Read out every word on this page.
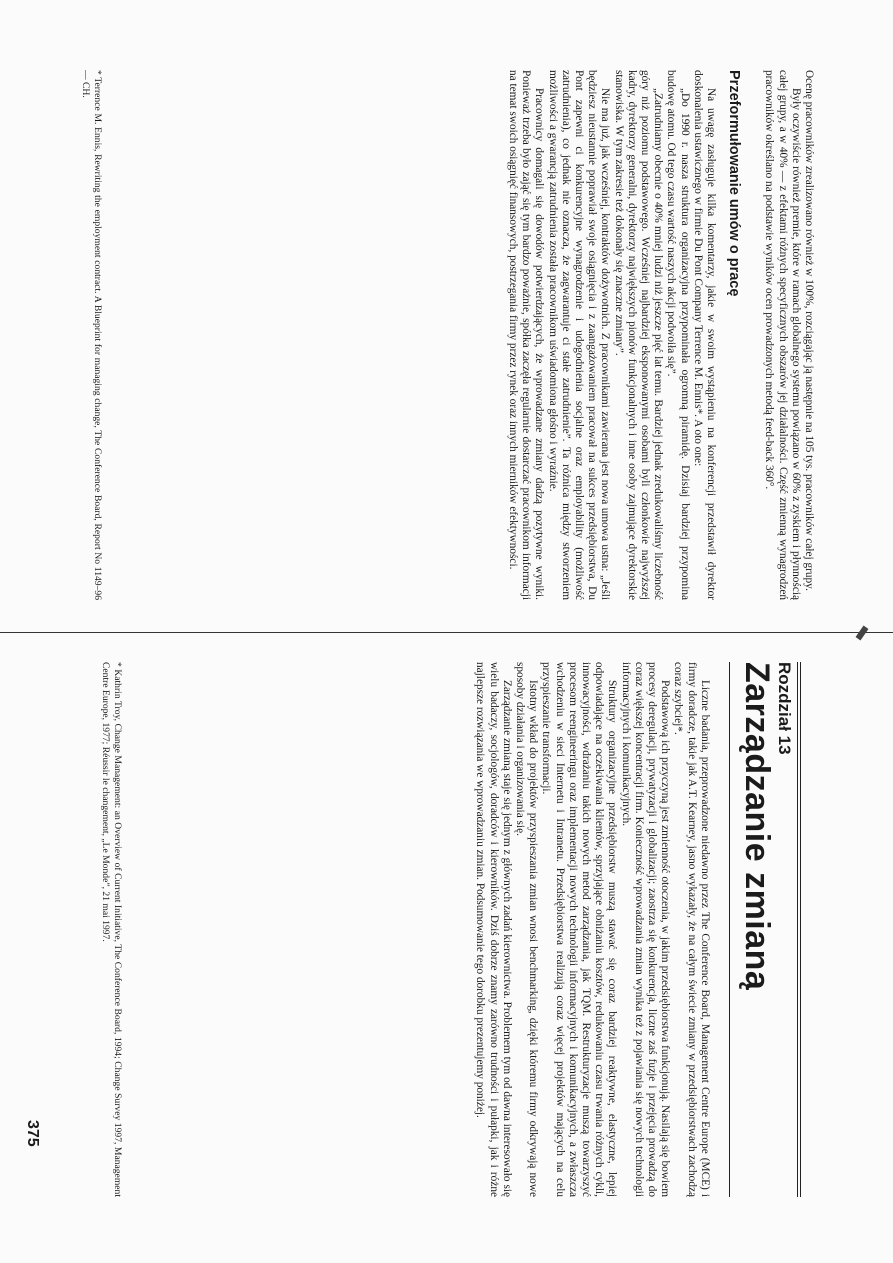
Ocenę pracowników zrealizowano również w 100%, rozciągając ją następnie na 105 tys. pracowników całej grupy.

Były oczywiście również premie, które w ramach globalnego systemu powiązano w 60% z zyskiem i płynnością całej grupy, a w 40% — z efektami różnych specyficznych obszarów jej działalności. Część zmienną wynagrodzeń pracowników określano na podstawie wyników ocen prowadzonych metodą feed-back 360°.

Przeformułowanie umów o pracę

Na uwagę zasługuje kilka komentarzy, jakie w swoim wystąpieniu na konferencji przedstawił dyrektor doskonalenia ustawicznego w firmie Du Pont Company Terrence M. Ennis*. A oto one:

„Do 1990 r. nasza struktura organizacyjna przypominała ogromną piramidę. Dzisiaj bardziej przypomina budowę atomu. Od tego czasu wartość naszych akcji podwoiła się”.

„Zatrudniamy obecnie o 40% mniej ludzi niż jeszcze pięć lat temu. Bardziej jednak zredukowaliśmy liczebność góry niż poziomu podstawowego. Wcześniej najbardziej eksponowanymi osobami byli członkowie najwyższej kadry, dyrektorzy generalni, dyrektorzy największych pionów funkcjonalnych i inne osoby zajmujące dyrektorskie stanowiska. W tym zakresie też dokonały się znaczne zmiany”.

Nie ma już, jak wcześniej, kontraktów dożywotnich. Z pracownikami zawierana jest nowa umowa ustna: „Jeśli będziesz nieustannie poprawiał swoje osiągnięcia i z zaangażowaniem pracował na sukces przedsiębiorstwa, Du Pont zapewni ci konkurencyjne wynagrodzenie i udogodnienia socjalne oraz employability (możliwość zatrudnienia), co jednak nie oznacza, że zagwarantuje ci stałe zatrudnienie”. Ta różnica między stworzeniem możliwości a gwarancją zatrudnienia została pracownikom uświadomiona głośno i wyraźnie.

Pracownicy domagali się dowodów potwierdzających, że wprowadzane zmiany dadzą pozytywne wyniki. Ponieważ trzeba było zająć się tym bardzo poważnie, spółka zaczęła regularnie dostarczać pracownikom informacji na temat swoich osiągnięć finansowych, postrzegania firmy przez rynek oraz innych mierników efektywności.

* Terrence M. Ennis, Rewriting the employment contract. A Blueprint for managing change, The Conference Board, Report No 1149–96 — CH.
Rozdział 13
Zarządzanie zmianą

Liczne badania, przeprowadzone niedawno przez The Conference Board, Management Centre Europe (MCE) i firmy doradcze, takie jak A.T. Kearney, jasno wykazały, że na całym świecie zmiany w przedsiębiorstwach zachodzą coraz szybciej*.

Podstawową ich przyczyną jest zmienność otoczenia, w jakim przedsiębiorstwa funkcjonują. Nasilają się bowiem procesy deregulacji, prywatyzacji i globalizacji; zaostrza się konkurencja, liczne zaś fuzje i przejęcia prowadzą do coraz większej koncentracji firm. Konieczność wprowadzania zmian wynika też z pojawiania się nowych technologii informacyjnych i komunikacyjnych.

Struktury organizacyjne przedsiębiorstw muszą stawać się coraz bardziej reaktywne, elastyczne, lepiej odpowiadające na oczekiwania klientów, sprzyjające obniżaniu kosztów, redukowaniu czasu trwania różnych cykli, innowacyjności, wdrażaniu takich nowych metod zarządzania, jak TQM. Restrukturyzacje muszą towarzyszyć procesom reengineeringu oraz implementacji nowych technologii informacyjnych i komunikacyjnych, a zwłaszcza wchodzeniu w sieci Internetu i Intranetu. Przedsiębiorstwa realizują coraz więcej projektów mających na celu przyspieszanie transformacji.

Istotny wkład do projektów przyspieszania zmian wnosi benchmarking, dzięki któremu firmy odkrywają nowe sposoby działania i organizowania się.

Zarządzanie zmianą staje się jednym z głównych zadań kierownictwa. Problemem tym od dawna interesowało się wielu badaczy, socjologów, doradców i kierowników. Dziś dobrze znamy zarówno trudności i pułapki, jak i różne najlepsze rozwiązania we wprowadzaniu zmian. Podsumowanie tego dorobku prezentujemy poniżej.

* Kathrin Troy, Change Management: an Overview of Current Initiative, The Conference Board, 1994; Change Survey 1997, Management Centre Europe, 1977; Réussir le changement, „Le Monde”, 21 mai 1997.
375
